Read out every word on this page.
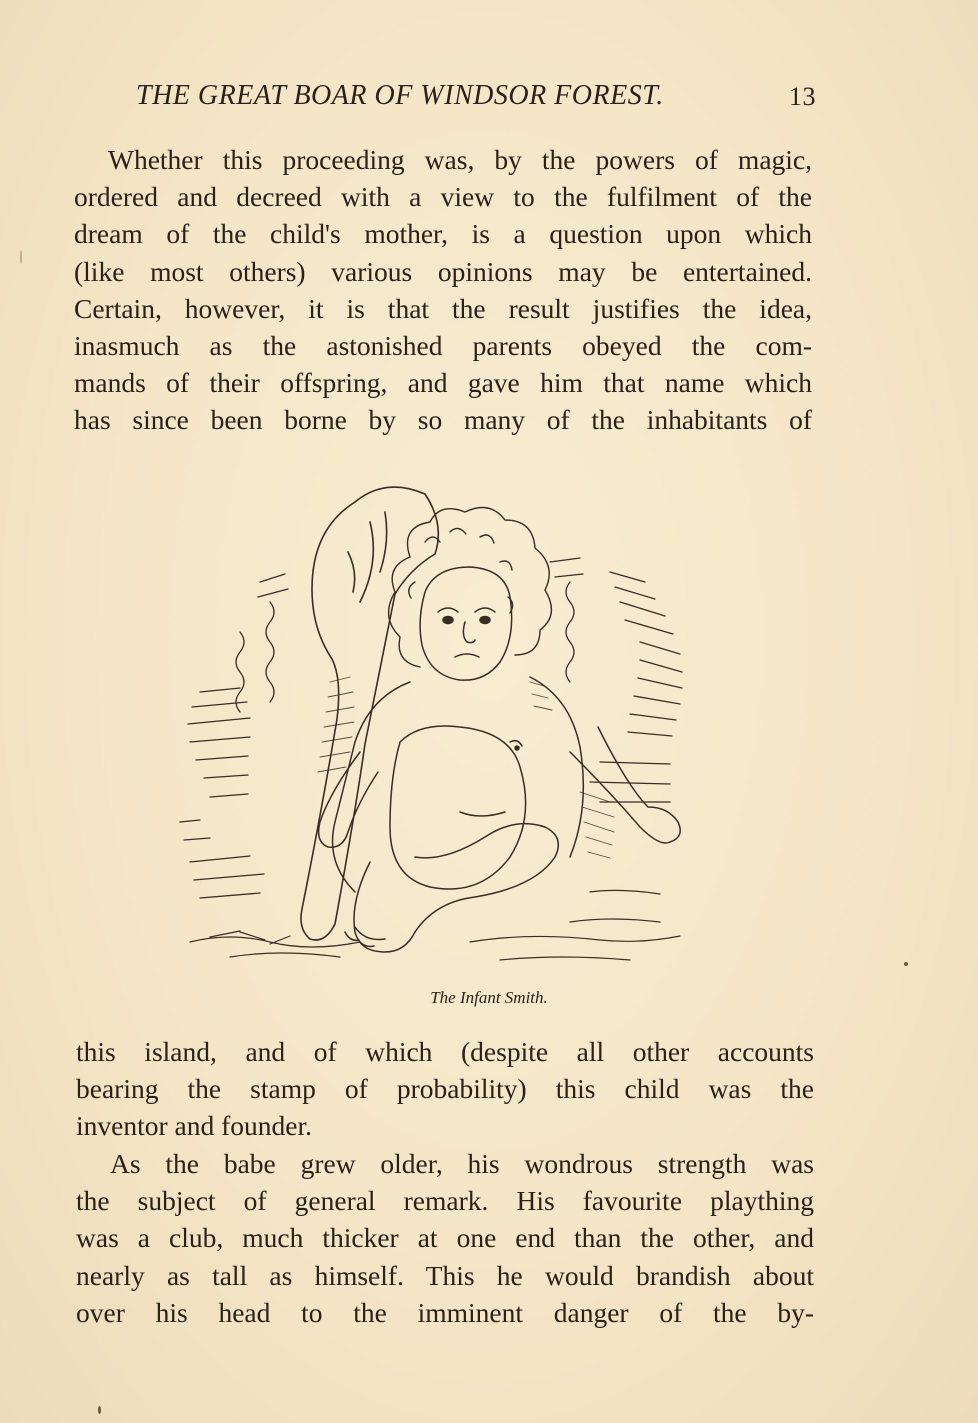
THE GREAT BOAR OF WINDSOR FOREST.	13
Whether this proceeding was, by the powers of magic,
ordered and decreed with a view to the fulfilment of the
dream of the child's mother, is a question upon which
(like most others) various opinions may be entertained.
Certain, however, it is that the result justifies the idea,
inasmuch as the astonished parents obeyed the com-
mands of their offspring, and gave him that name which
has since been borne by so many of the inhabitants of
The Infant Smith.
this island, and of which (despite all other accounts
bearing the stamp of probability) this child was the
inventor and founder.
As the babe grew older, his wondrous strength was
the subject of general remark. His favourite plaything
was a club, much thicker at one end than the other, and
nearly as tall as himself. This he would brandish about
over his head to the imminent danger of the by-
